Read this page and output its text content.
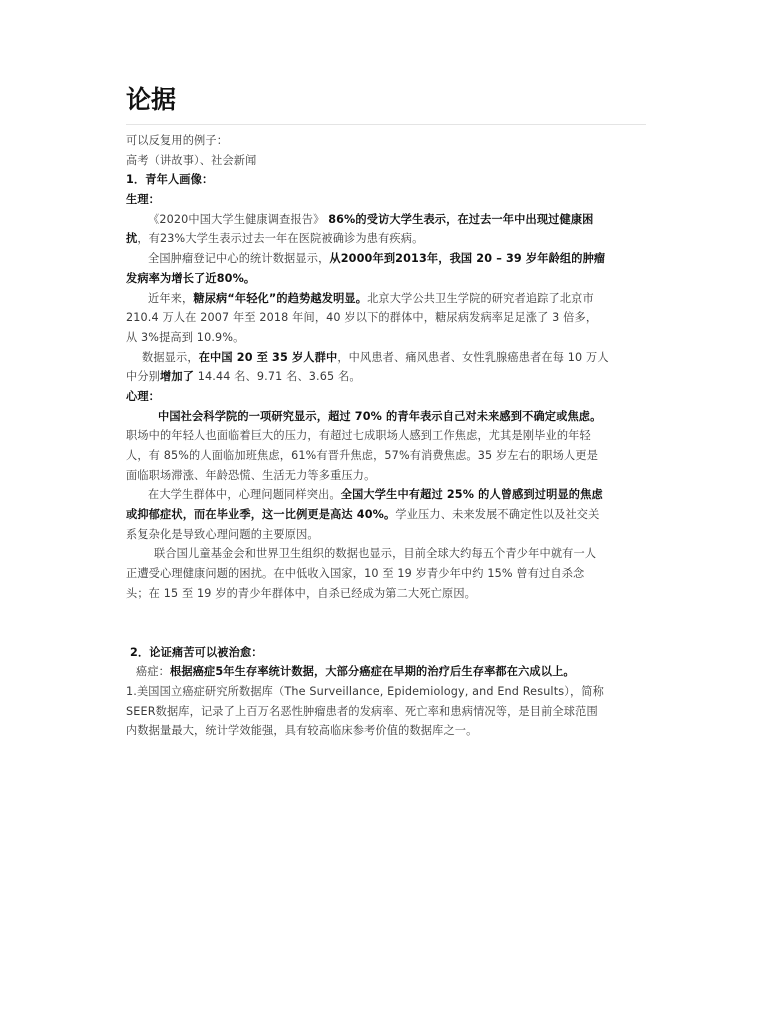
论据
可以反复用的例子：
高考（讲故事）、社会新闻
1．青年人画像：
生理：
《2020中国大学生健康调查报告》 86%的受访大学生表示，在过去一年中出现过健康困
扰，有23%大学生表示过去一年在医院被确诊为患有疾病。
全国肿瘤登记中心的统计数据显示，从2000年到2013年，我国 20 – 39 岁年龄组的肿瘤
发病率为增长了近80%。
近年来，糖尿病“年轻化”的趋势越发明显。北京大学公共卫生学院的研究者追踪了北京市
210.4 万人在 2007 年至 2018 年间，40 岁以下的群体中，糖尿病发病率足足涨了 3 倍多，
从 3%提高到 10.9%。
数据显示，在中国 20 至 35 岁人群中，中风患者、痛风患者、女性乳腺癌患者在每 10 万人
中分别增加了 14.44 名、9.71 名、3.65 名。
心理：
中国社会科学院的一项研究显示，超过 70% 的青年表示自己对未来感到不确定或焦虑。
职场中的年轻人也面临着巨大的压力，有超过七成职场人感到工作焦虑，尤其是刚毕业的年轻
人，有 85%的人面临加班焦虑，61%有晋升焦虑，57%有消费焦虑。35 岁左右的职场人更是
面临职场滞涨、年龄恐慌、生活无力等多重压力。
在大学生群体中，心理问题同样突出。全国大学生中有超过 25% 的人曾感到过明显的焦虑
或抑郁症状，而在毕业季，这一比例更是高达 40%。学业压力、未来发展不确定性以及社交关
系复杂化是导致心理问题的主要原因。
联合国儿童基金会和世界卫生组织的数据也显示，目前全球大约每五个青少年中就有一人
正遭受心理健康问题的困扰。在中低收入国家，10 至 19 岁青少年中约 15% 曾有过自杀念
头；在 15 至 19 岁的青少年群体中，自杀已经成为第二大死亡原因。
2．论证痛苦可以被治愈：
癌症：根据癌症5年生存率统计数据，大部分癌症在早期的治疗后生存率都在六成以上。
1.美国国立癌症研究所数据库（The Surveillance, Epidemiology, and End Results），简称
SEER数据库，记录了上百万名恶性肿瘤患者的发病率、死亡率和患病情况等，是目前全球范围
内数据量最大，统计学效能强，具有较高临床参考价值的数据库之一。
